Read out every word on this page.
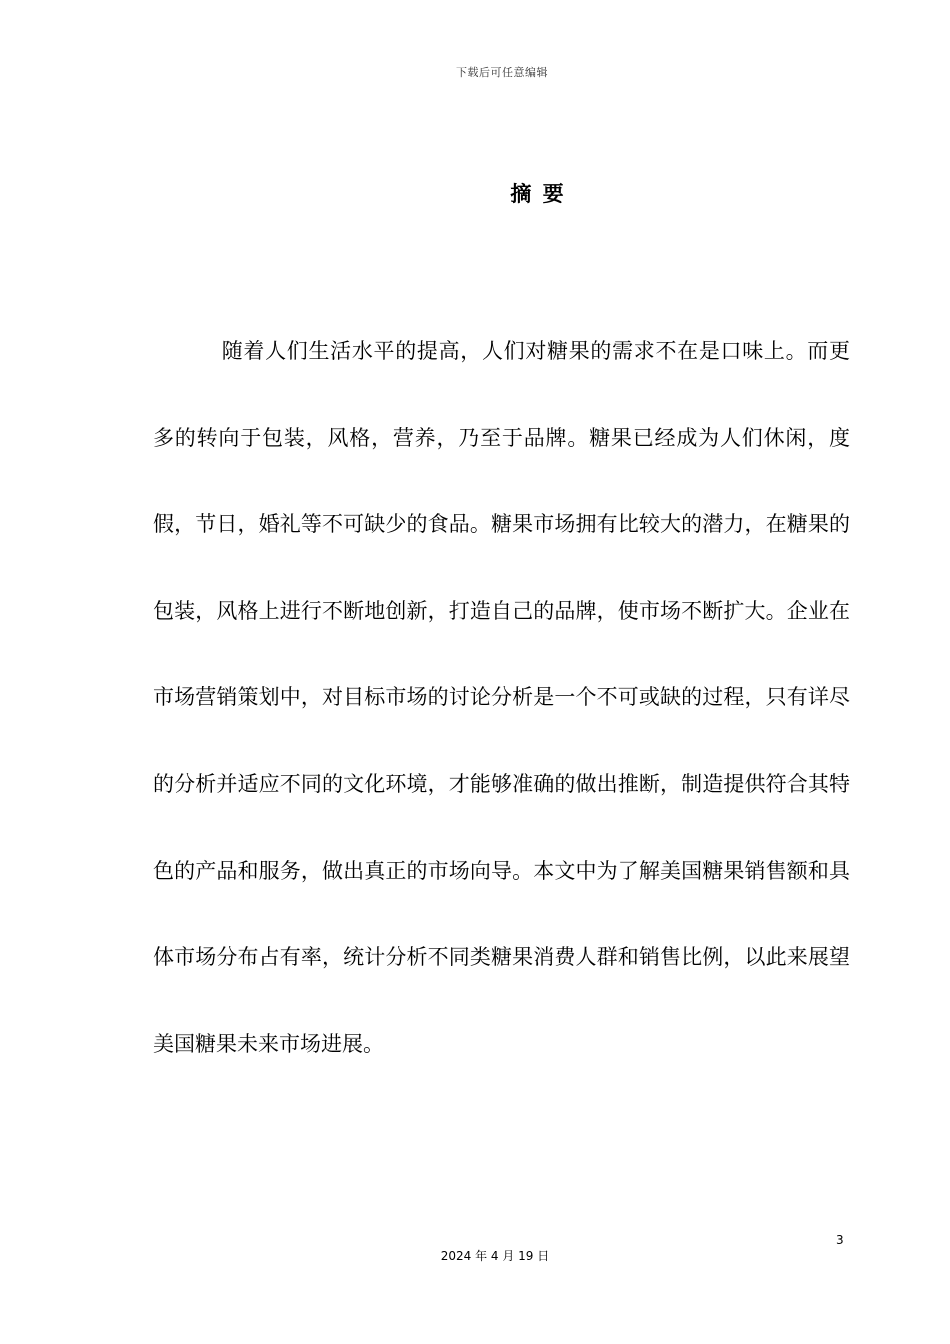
下载后可任意编辑
摘 要

随着人们生活水平的提高，人们对糖果的需求不在是口味上。而更多的转向于包装，风格，营养，乃至于品牌。糖果已经成为人们休闲，度假，节日，婚礼等不可缺少的食品。糖果市场拥有比较大的潜力，在糖果的包装，风格上进行不断地创新，打造自己的品牌，使市场不断扩大。企业在市场营销策划中，对目标市场的讨论分析是一个不可或缺的过程，只有详尽的分析并适应不同的文化环境，才能够准确的做出推断，制造提供符合其特色的产品和服务，做出真正的市场向导。本文中为了解美国糖果销售额和具体市场分布占有率，统计分析不同类糖果消费人群和销售比例，以此来展望美国糖果未来市场进展。

3
2024 年 4 月 19 日
